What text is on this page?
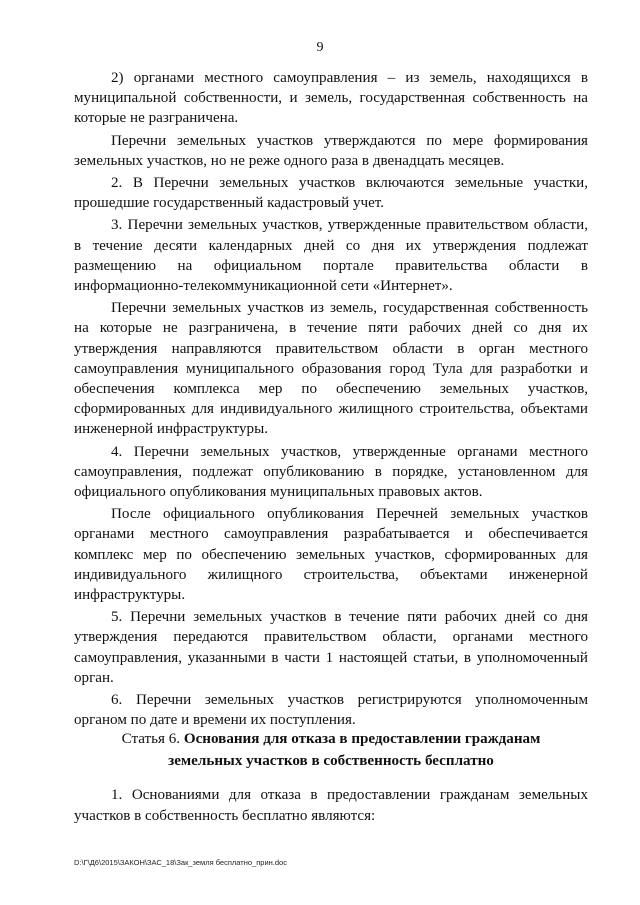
9

2) органами местного самоуправления – из земель, находящихся в муниципальной собственности, и земель, государственная собственность на которые не разграничена.

Перечни земельных участков утверждаются по мере формирования земельных участков, но не реже одного раза в двенадцать месяцев.

2. В Перечни земельных участков включаются земельные участки, прошедшие государственный кадастровый учет.

3. Перечни земельных участков, утвержденные правительством области, в течение десяти календарных дней со дня их утверждения подлежат размещению на официальном портале правительства области в информационно-телекоммуникационной сети «Интернет».

Перечни земельных участков из земель, государственная собственность на которые не разграничена, в течение пяти рабочих дней со дня их утверждения направляются правительством области в орган местного самоуправления муниципального образования город Тула для разработки и обеспечения комплекса мер по обеспечению земельных участков, сформированных для индивидуального жилищного строительства, объектами инженерной инфраструктуры.

4. Перечни земельных участков, утвержденные органами местного самоуправления, подлежат опубликованию в порядке, установленном для официального опубликования муниципальных правовых актов.

После официального опубликования Перечней земельных участков органами местного самоуправления разрабатывается и обеспечивается комплекс мер по обеспечению земельных участков, сформированных для индивидуального жилищного строительства, объектами инженерной инфраструктуры.

5. Перечни земельных участков в течение пяти рабочих дней со дня утверждения передаются правительством области, органами местного самоуправления, указанными в части 1 настоящей статьи, в уполномоченный орган.

6. Перечни земельных участков регистрируются уполномоченным органом по дате и времени их поступления.

Статья 6. Основания для отказа в предоставлении гражданам
земельных участков в собственность бесплатно

1. Основаниями для отказа в предоставлении гражданам земельных участков в собственность бесплатно являются:

D:\Г\Д6\2015\ЗАКОН\ЗАС_18\Зак_земля бесплатно_прин.doc
